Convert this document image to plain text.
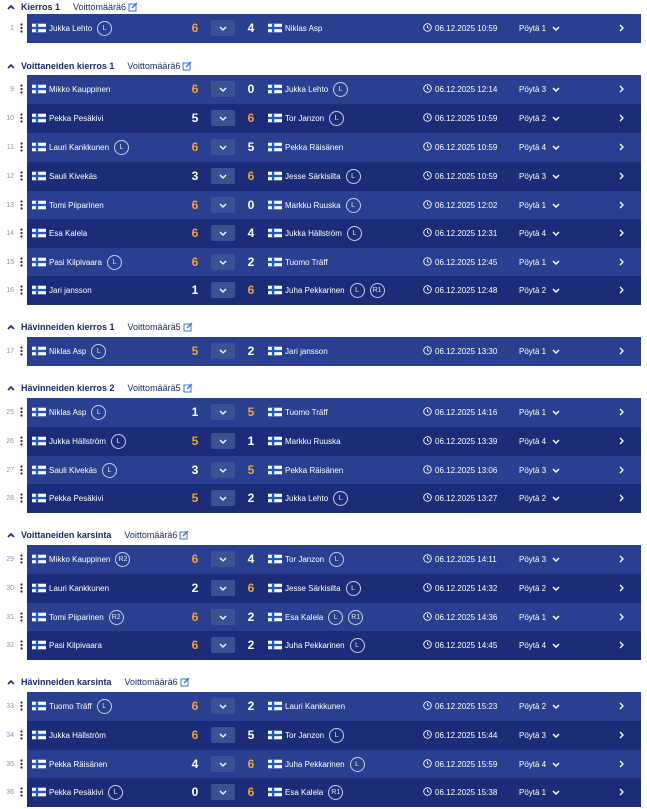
Kierros 1 Voittomäärä6
1	Jukka Lehto	L	6	4	Niklas Asp	06.12.2025 10:59	Pöytä 1
Voittaneiden kierros 1 Voittomäärä6
9	Mikko Kauppinen	6	0	Jukka Lehto	L	06.12.2025 12:14	Pöytä 3
10	Pekka Pesäkivi	5	6	Tor Janzon	L	06.12.2025 10:59	Pöytä 2
11	Lauri Kankkunen	L	6	5	Pekka Räisänen	06.12.2025 10:59	Pöytä 4
12	Sauli Kivekäs	3	6	Jesse Särkisilta	L	06.12.2025 10:59	Pöytä 3
13	Tomi Piiparinen	6	0	Markku Ruuska	L	06.12.2025 12:02	Pöytä 1
14	Esa Kalela	6	4	Jukka Hällström	L	06.12.2025 12:31	Pöytä 4
15	Pasi Kilpivaara	L	6	2	Tuomo Träff	06.12.2025 12:45	Pöytä 1
16	Jari jansson	1	6	Juha Pekkarinen	L	R1	06.12.2025 12:48	Pöytä 2
Hävinneiden kierros 1 Voittomäärä5
17	Niklas Asp	L	5	2	Jari jansson	06.12.2025 13:30	Pöytä 1
Hävinneiden kierros 2 Voittomäärä5
25	Niklas Asp	L	1	5	Tuomo Träff	06.12.2025 14:16	Pöytä 1
26	Jukka Hällström	L	5	1	Markku Ruuska	06.12.2025 13:39	Pöytä 4
27	Sauli Kivekäs	L	3	5	Pekka Räisänen	06.12.2025 13:06	Pöytä 3
28	Pekka Pesäkivi	5	2	Jukka Lehto	L	06.12.2025 13:27	Pöytä 2
Voittaneiden karsinta Voittomäärä6
29	Mikko Kauppinen	R2	6	4	Tor Janzon	L	06.12.2025 14:11	Pöytä 3
30	Lauri Kankkunen	2	6	Jesse Särkisilta	L	06.12.2025 14:32	Pöytä 2
31	Tomi Piiparinen	R2	6	2	Esa Kalela	L	R1	06.12.2025 14:36	Pöytä 1
32	Pasi Kilpivaara	6	2	Juha Pekkarinen	L	06.12.2025 14:45	Pöytä 4
Hävinneiden karsinta Voittomäärä6
33	Tuomo Träff	L	6	2	Lauri Kankkunen	06.12.2025 15:23	Pöytä 2
34	Jukka Hällström	6	5	Tor Janzon	L	06.12.2025 15:44	Pöytä 3
35	Pekka Räisänen	4	6	Juha Pekkarinen	L	06.12.2025 15:59	Pöytä 4
36	Pekka Pesäkivi	L	0	6	Esa Kalela	R1	06.12.2025 15:38	Pöytä 1
